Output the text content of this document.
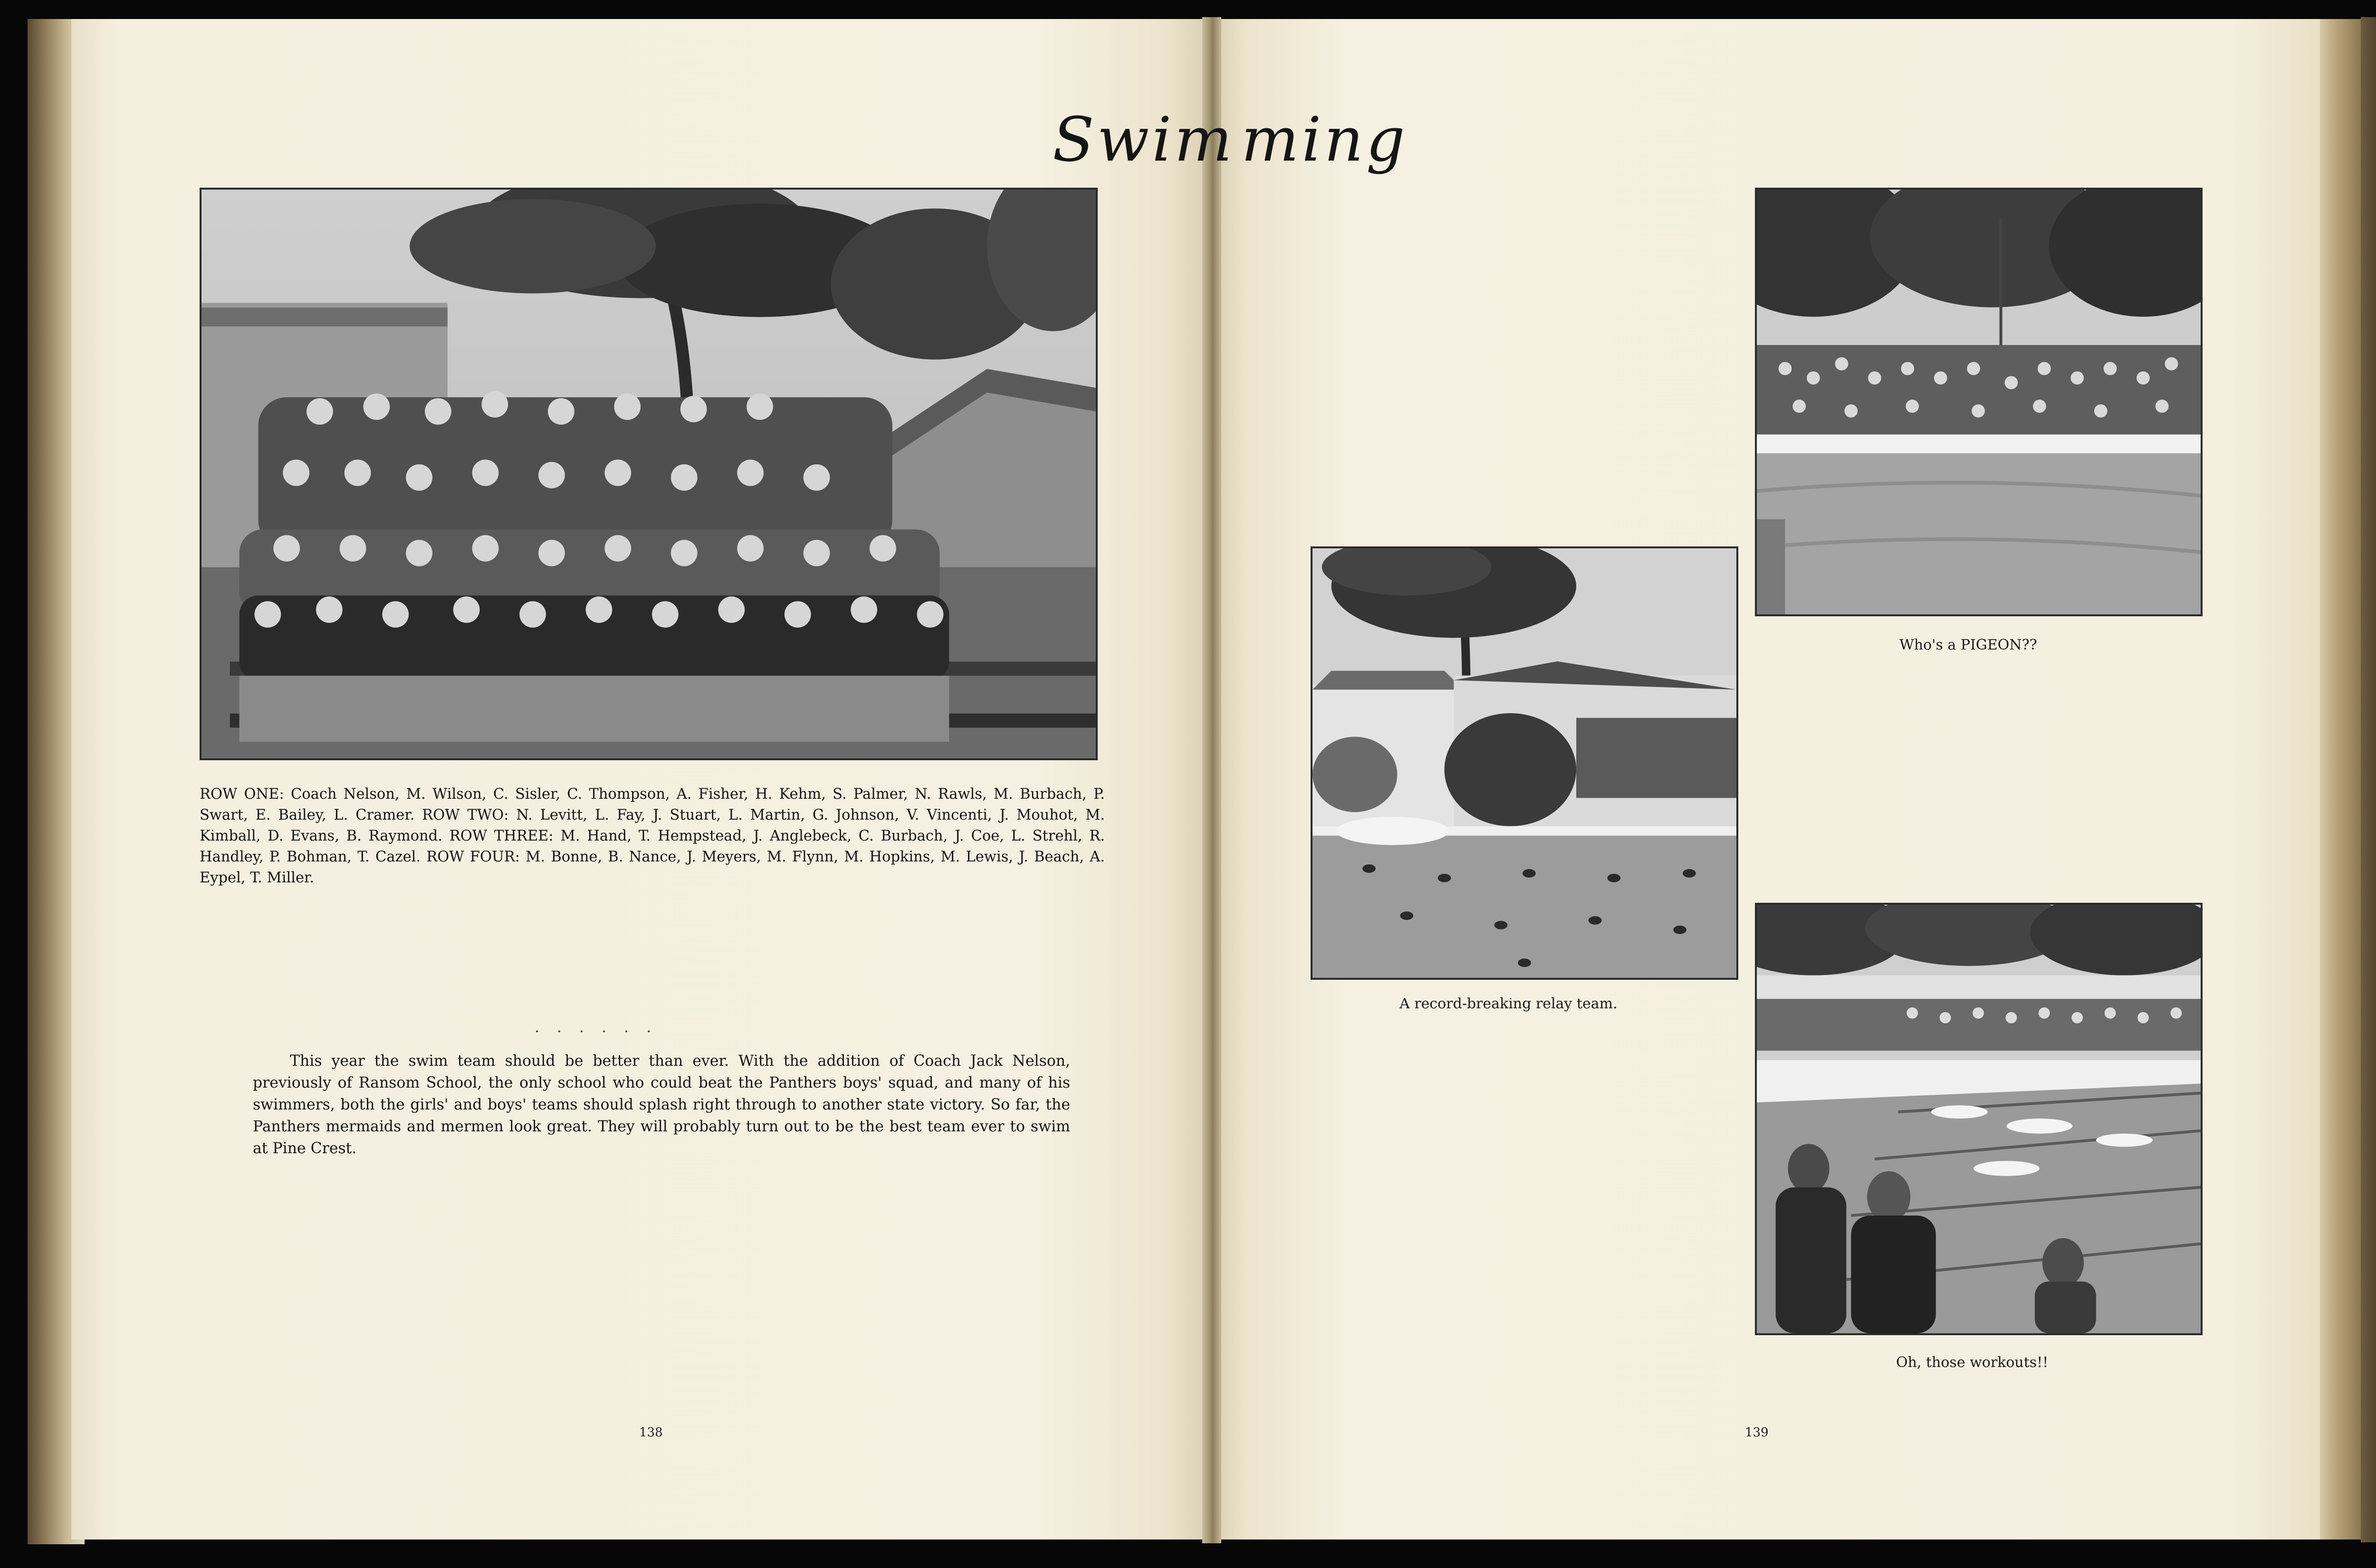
Swim ming

ROW ONE: Coach Nelson, M. Wilson, C. Sisler, C. Thompson, A. Fisher, H. Kehm, S. Palmer, N. Rawls, M. Burbach, P. Swart, E. Bailey, L. Cramer. ROW TWO: N. Levitt, L. Fay, J. Stuart, L. Martin, G. Johnson, V. Vincenti, J. Mouhot, M. Kimball, D. Evans, B. Raymond. ROW THREE: M. Hand, T. Hempstead, J. Anglebeck, C. Burbach, J. Coe, L. Strehl, R. Handley, P. Bohman, T. Cazel. ROW FOUR: M. Bonne, B. Nance, J. Meyers, M. Flynn, M. Hopkins, M. Lewis, J. Beach, A. Eypel, T. Miller.

. . . . . .

This year the swim team should be better than ever. With the addition of Coach Jack Nelson, previously of Ransom School, the only school who could beat the Panthers boys' squad, and many of his swimmers, both the girls' and boys' teams should splash right through to another state victory. So far, the Panthers mermaids and mermen look great. They will probably turn out to be the best team ever to swim at Pine Crest.

138
A record-breaking relay team.
Who's a PIGEON??
Oh, those workouts!!
139
